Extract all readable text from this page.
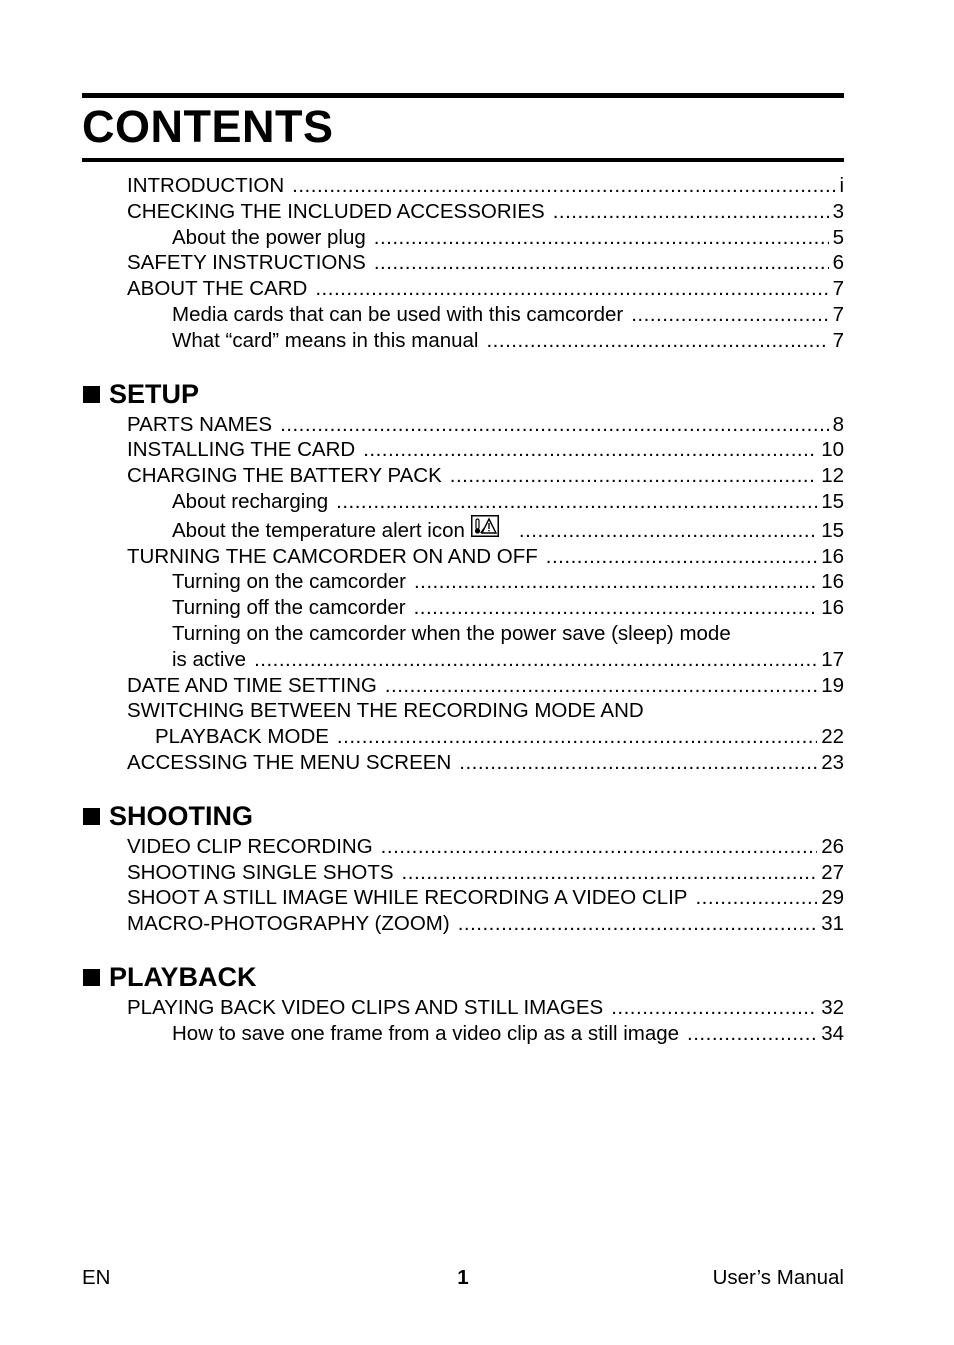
CONTENTS
INTRODUCTION .....	i
CHECKING THE INCLUDED ACCESSORIES .....	3
About the power plug .....	5
SAFETY INSTRUCTIONS .....	6
ABOUT THE CARD .....	7
Media cards that can be used with this camcorder .....	7
What “card” means in this manual .....	7
SETUP
PARTS NAMES .....	8
INSTALLING THE CARD .....	10
CHARGING THE BATTERY PACK .....	12
About recharging .....	15
About the temperature alert icon .....	15
TURNING THE CAMCORDER ON AND OFF .....	16
Turning on the camcorder .....	16
Turning off the camcorder .....	16
Turning on the camcorder when the power save (sleep) mode
is active .....	17
DATE AND TIME SETTING .....	19
SWITCHING BETWEEN THE RECORDING MODE AND
PLAYBACK MODE .....	22
ACCESSING THE MENU SCREEN .....	23
SHOOTING
VIDEO CLIP RECORDING .....	26
SHOOTING SINGLE SHOTS .....	27
SHOOT A STILL IMAGE WHILE RECORDING A VIDEO CLIP .....	29
MACRO-PHOTOGRAPHY (ZOOM) .....	31
PLAYBACK
PLAYING BACK VIDEO CLIPS AND STILL IMAGES .....	32
How to save one frame from a video clip as a still image .....	34
EN	1	User’s Manual
